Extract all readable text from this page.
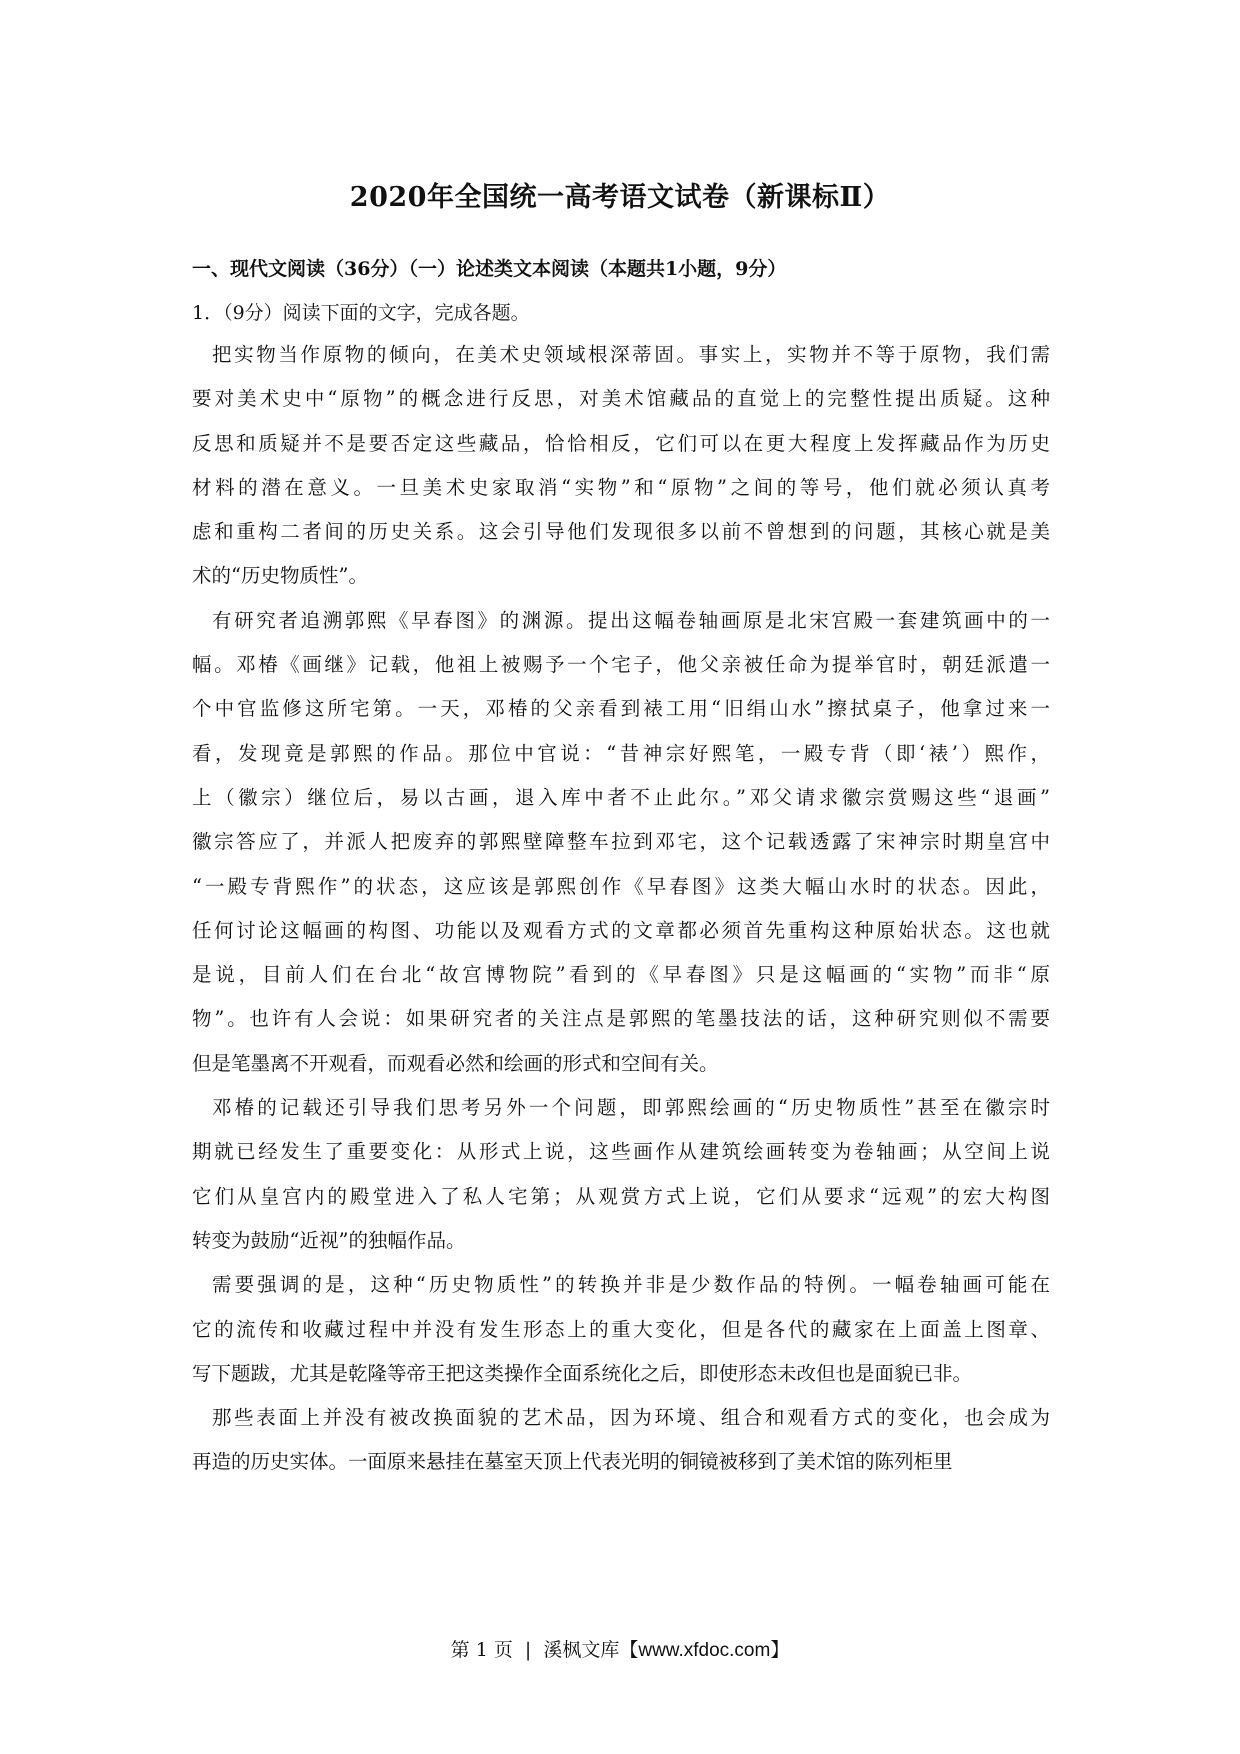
2020年全国统一高考语文试卷（新课标Ⅱ）
一、现代文阅读（36分）（一）论述类文本阅读（本题共1小题，9分）
1．（9分）阅读下面的文字，完成各题。
把实物当作原物的倾向，在美术史领域根深蒂固。事实上，实物并不等于原物，我们需
要对美术史中“原物”的概念进行反思，对美术馆藏品的直觉上的完整性提出质疑。这种
反思和质疑并不是要否定这些藏品，恰恰相反，它们可以在更大程度上发挥藏品作为历史
材料的潜在意义。一旦美术史家取消“实物”和“原物”之间的等号，他们就必须认真考
虑和重构二者间的历史关系。这会引导他们发现很多以前不曾想到的问题，其核心就是美
术的“历史物质性”。
有研究者追溯郭熙《早春图》的渊源。提出这幅卷轴画原是北宋宫殿一套建筑画中的一
幅。邓椿《画继》记载，他祖上被赐予一个宅子，他父亲被任命为提举官时，朝廷派遣一
个中官监修这所宅第。一天，邓椿的父亲看到裱工用“旧绢山水”擦拭桌子，他拿过来一
看，发现竟是郭熙的作品。那位中官说：“昔神宗好熙笔，一殿专背（即‘裱’）熙作，
上（徽宗）继位后，易以古画，退入库中者不止此尔。”邓父请求徽宗赏赐这些“退画”
徽宗答应了，并派人把废弃的郭熙壁障整车拉到邓宅，这个记载透露了宋神宗时期皇宫中
“一殿专背熙作”的状态，这应该是郭熙创作《早春图》这类大幅山水时的状态。因此，
任何讨论这幅画的构图、功能以及观看方式的文章都必须首先重构这种原始状态。这也就
是说，目前人们在台北“故宫博物院”看到的《早春图》只是这幅画的“实物”而非“原
物”。也许有人会说：如果研究者的关注点是郭熙的笔墨技法的话，这种研究则似不需要
但是笔墨离不开观看，而观看必然和绘画的形式和空间有关。
邓椿的记载还引导我们思考另外一个问题，即郭熙绘画的“历史物质性”甚至在徽宗时
期就已经发生了重要变化：从形式上说，这些画作从建筑绘画转变为卷轴画；从空间上说
它们从皇宫内的殿堂进入了私人宅第；从观赏方式上说，它们从要求“远观”的宏大构图
转变为鼓励“近视”的独幅作品。
需要强调的是，这种“历史物质性”的转换并非是少数作品的特例。一幅卷轴画可能在
它的流传和收藏过程中并没有发生形态上的重大变化，但是各代的藏家在上面盖上图章、
写下题跋，尤其是乾隆等帝王把这类操作全面系统化之后，即使形态未改但也是面貌已非。
那些表面上并没有被改换面貌的艺术品，因为环境、组合和观看方式的变化，也会成为
再造的历史实体。一面原来悬挂在墓室天顶上代表光明的铜镜被移到了美术馆的陈列柜里
第 1 页 | 溪枫文库【www.xfdoc.com】
